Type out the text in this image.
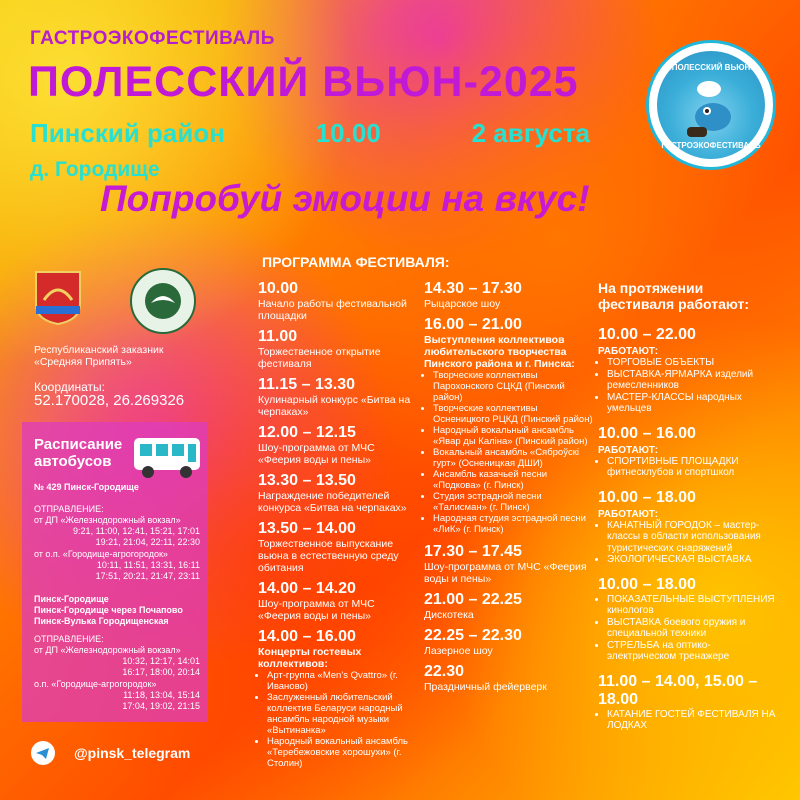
ГАСТРОЭКОФЕСТИВАЛЬ
ПОЛЕССКИЙ ВЬЮН-2025
Пинский район	10.00	2 августа
д. Городище
Попробуй эмоции на вкус!
«ПОЛЕССКИЙ ВЬЮН»
ГАСТРОЭКОФЕСТИВАЛЬ
Республиканский заказник
«Средняя Припять»
Координаты:
52.170028, 26.269326
Расписание
автобусов
№ 429 Пинск-Городище
ОТПРАВЛЕНИЕ:
от ДП «Железнодорожный вокзал»
9:21, 11:00, 12:41, 15:21, 17:01
19:21, 21:04, 22:11, 22:30
от о.п. «Городище-агрогородок»
10:11, 11:51, 13:31, 16:11
17:51, 20:21, 21:47, 23:11
Пинск-Городище
Пинск-Городище через Почапово
Пинск-Вулька Городищенская
ОТПРАВЛЕНИЕ:
от ДП «Железнодорожный вокзал»
10:32, 12:17, 14:01
16:17, 18:00, 20:14
о.п. «Городище-агрогородок»
11:18, 13:04, 15:14
17:04, 19:02, 21:15
@pinsk_telegram
ПРОГРАММА ФЕСТИВАЛЯ:
10.00
Начало работы фестивальной площадки
11.00
Торжественное открытие фестиваля
11.15 – 13.30
Кулинарный конкурс «Битва на черпаках»
12.00 – 12.15
Шоу-программа от МЧС «Феерия воды и пены»
13.30 – 13.50
Награждение победителей конкурса «Битва на черпаках»
13.50 – 14.00
Торжественное выпускание вьюна в естественную среду обитания
14.00 – 14.20
Шоу-программа от МЧС «Феерия воды и пены»
14.00 – 16.00
Концерты гостевых коллективов:
• Арт-группа «Men’s Qvattro» (г. Иваново)
• Заслуженный любительский коллектив Беларуси народный ансамбль народной музыки «Вытинанка»
• Народный вокальный ансамбль «Теребежовские хорошухи» (г. Столин)
14.30 – 17.30
Рыцарское шоу
16.00 – 21.00
Выступления коллективов любительского творчества Пинского района и г. Пинска:
• Творческие коллективы Парохонского СЦКД (Пинский район)
• Творческие коллективы Осненицкого РЦКД (Пинский район)
• Народный вокальный ансамбль «Явар ды Каліна» (Пинский район)
• Вокальный ансамбль «Сяброўскі гурт» (Осненицкая ДШИ)
• Ансамбль казачьей песни «Подкова» (г. Пинск)
• Студия эстрадной песни «Талисман» (г. Пинск)
• Народная студия эстрадной песни «ЛиК» (г. Пинск)
17.30 – 17.45
Шоу-программа от МЧС «Феерия воды и пены»
21.00 – 22.25
Дискотека
22.25 – 22.30
Лазерное шоу
22.30
Праздничный фейерверк
На протяжении фестиваля работают:
10.00 – 22.00
РАБОТАЮТ:
• ТОРГОВЫЕ ОБЪЕКТЫ
• ВЫСТАВКА-ЯРМАРКА изделий ремесленников
• МАСТЕР-КЛАССЫ народных умельцев
10.00 – 16.00
РАБОТАЮТ:
• СПОРТИВНЫЕ ПЛОЩАДКИ фитнесклубов и спортшкол
10.00 – 18.00
РАБОТАЮТ:
• КАНАТНЫЙ ГОРОДОК – мастер-классы в области использования туристических снаряжений
• ЭКОЛОГИЧЕСКАЯ ВЫСТАВКА
10.00 – 18.00
• ПОКАЗАТЕЛЬНЫЕ ВЫСТУПЛЕНИЯ кинологов
• ВЫСТАВКА боевого оружия и специальной техники
• СТРЕЛЬБА на оптико-электрическом тренажере
11.00 – 14.00, 15.00 – 18.00
• КАТАНИЕ ГОСТЕЙ ФЕСТИВАЛЯ НА ЛОДКАХ
